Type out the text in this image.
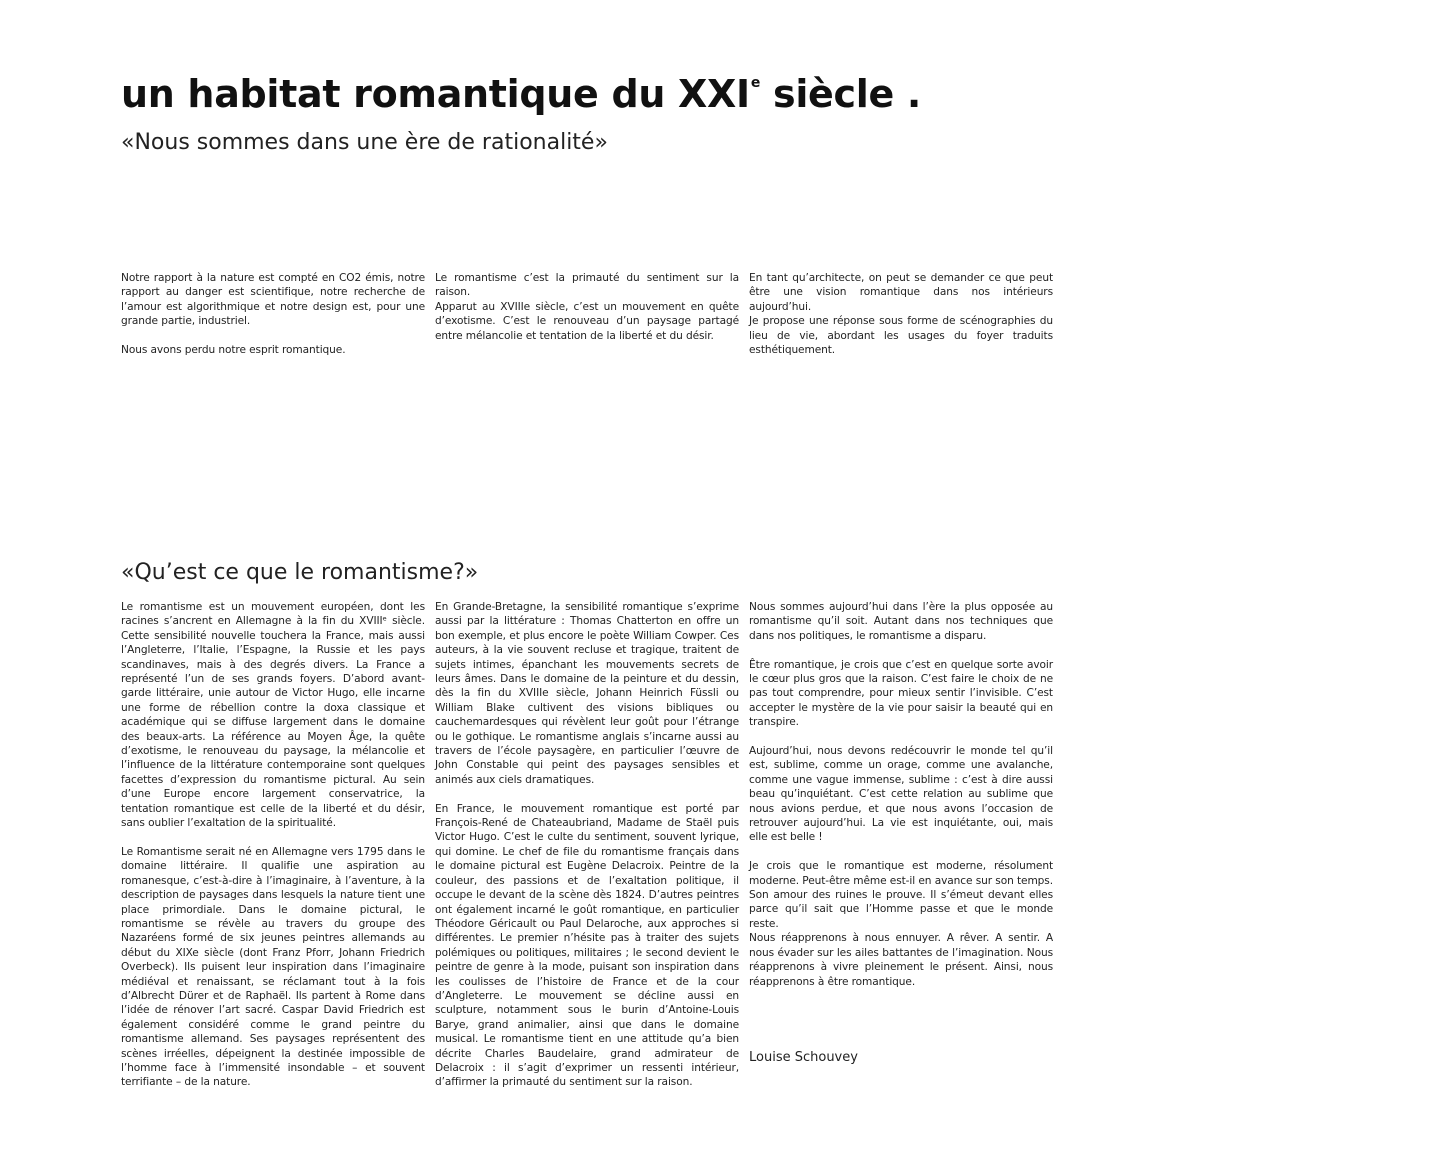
un habitat romantique du XXIe siècle .
«Nous sommes dans une ère de rationalité»

Notre rapport à la nature est compté en CO2 émis, notre rapport au danger est scientifique, notre recherche de l’amour est algorithmique et notre design est, pour une grande partie, industriel.

Nous avons perdu notre esprit romantique.

Le romantisme c’est la primauté du sentiment sur la raison.

Apparut au XVIIIe siècle, c’est un mouvement en quête d’exotisme. C’est le renouveau d’un paysage partagé entre mélancolie et tentation de la liberté et du désir.

En tant qu’architecte, on peut se demander ce que peut être une vision romantique dans nos intérieurs aujourd’hui.

Je propose une réponse sous forme de scénographies du lieu de vie, abordant les usages du foyer traduits esthétiquement.

«Qu’est ce que le romantisme?»

Le romantisme est un mouvement européen, dont les racines s’ancrent en Allemagne à la fin du XVIIIᵉ siècle. Cette sensibilité nouvelle touchera la France, mais aussi l’Angleterre, l’Italie, l’Espagne, la Russie et les pays scandinaves, mais à des degrés divers. La France a représenté l’un de ses grands foyers. D’abord avant-garde littéraire, unie autour de Victor Hugo, elle incarne une forme de rébellion contre la doxa classique et académique qui se diffuse largement dans le domaine des beaux-arts. La référence au Moyen Âge, la quête d’exotisme, le renouveau du paysage, la mélancolie et l’influence de la littérature contemporaine sont quelques facettes d’expression du romantisme pictural. Au sein d’une Europe encore largement conservatrice, la tentation romantique est celle de la liberté et du désir, sans oublier l’exaltation de la spiritualité.

Le Romantisme serait né en Allemagne vers 1795 dans le domaine littéraire. Il qualifie une aspiration au romanesque, c’est-à-dire à l’imaginaire, à l’aventure, à la description de paysages dans lesquels la nature tient une place primordiale. Dans le domaine pictural, le romantisme se révèle au travers du groupe des Nazaréens formé de six jeunes peintres allemands au début du XIXe siècle (dont Franz Pforr, Johann Friedrich Overbeck). Ils puisent leur inspiration dans l’imaginaire médiéval et renaissant, se réclamant tout à la fois d’Albrecht Dürer et de Raphaël. Ils partent à Rome dans l’idée de rénover l’art sacré. Caspar David Friedrich est également considéré comme le grand peintre du romantisme allemand. Ses paysages représentent des scènes irréelles, dépeignent la destinée impossible de l’homme face à l’immensité insondable – et souvent terrifiante – de la nature.

En Grande-Bretagne, la sensibilité romantique s’exprime aussi par la littérature : Thomas Chatterton en offre un bon exemple, et plus encore le poète William Cowper. Ces auteurs, à la vie souvent recluse et tragique, traitent de sujets intimes, épanchant les mouvements secrets de leurs âmes. Dans le domaine de la peinture et du dessin, dès la fin du XVIIIe siècle, Johann Heinrich Füssli ou William Blake cultivent des visions bibliques ou cauchemardesques qui révèlent leur goût pour l’étrange ou le gothique. Le romantisme anglais s’incarne aussi au travers de l’école paysagère, en particulier l’œuvre de John Constable qui peint des paysages sensibles et animés aux ciels dramatiques.

En France, le mouvement romantique est porté par François-René de Chateaubriand, Madame de Staël puis Victor Hugo. C’est le culte du sentiment, souvent lyrique, qui domine. Le chef de file du romantisme français dans le domaine pictural est Eugène Delacroix. Peintre de la couleur, des passions et de l’exaltation politique, il occupe le devant de la scène dès 1824. D’autres peintres ont également incarné le goût romantique, en particulier Théodore Géricault ou Paul Delaroche, aux approches si différentes. Le premier n’hésite pas à traiter des sujets polémiques ou politiques, militaires ; le second devient le peintre de genre à la mode, puisant son inspiration dans les coulisses de l’histoire de France et de la cour d’Angleterre. Le mouvement se décline aussi en sculpture, notamment sous le burin d’Antoine-Louis Barye, grand animalier, ainsi que dans le domaine musical. Le romantisme tient en une attitude qu’a bien décrite Charles Baudelaire, grand admirateur de Delacroix : il s’agit d’exprimer un ressenti intérieur, d’affirmer la primauté du sentiment sur la raison.

Nous sommes aujourd’hui dans l’ère la plus opposée au romantisme qu’il soit. Autant dans nos techniques que dans nos politiques, le romantisme a disparu.

Être romantique, je crois que c’est en quelque sorte avoir le cœur plus gros que la raison. C’est faire le choix de ne pas tout comprendre, pour mieux sentir l’invisible. C’est accepter le mystère de la vie pour saisir la beauté qui en transpire.

Aujourd’hui, nous devons redécouvrir le monde tel qu’il est, sublime, comme un orage, comme une avalanche, comme une vague immense, sublime : c’est à dire aussi beau qu’inquiétant. C’est cette relation au sublime que nous avions perdue, et que nous avons l’occasion de retrouver aujourd’hui. La vie est inquiétante, oui, mais elle est belle !

Je crois que le romantique est moderne, résolument moderne. Peut-être même est-il en avance sur son temps. Son amour des ruines le prouve. Il s’émeut devant elles parce qu’il sait que l’Homme passe et que le monde reste.

Nous réapprenons à nous ennuyer. A rêver. A sentir. A nous évader sur les ailes battantes de l’imagination. Nous réapprenons à vivre pleinement le présent. Ainsi, nous réapprenons à être romantique.

Louise Schouvey
